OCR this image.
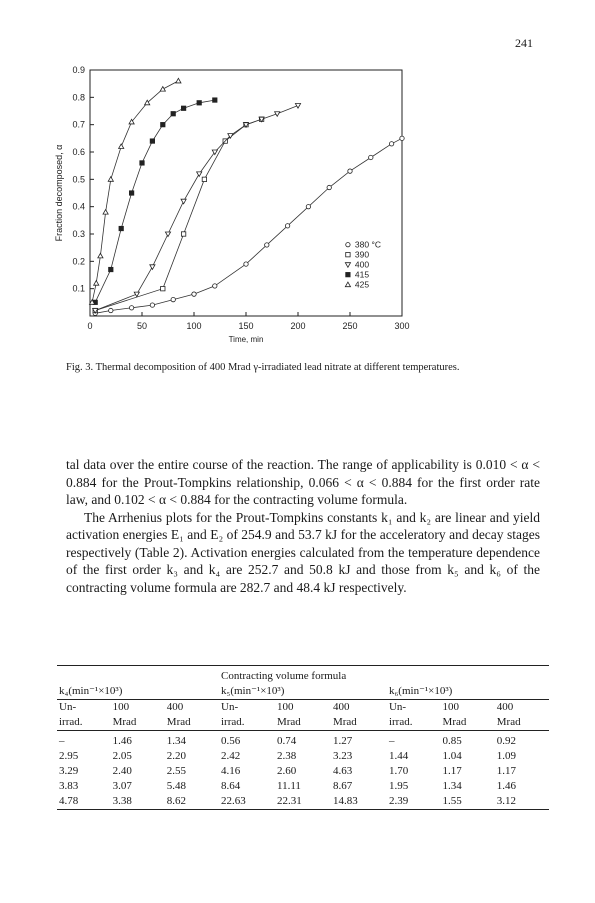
241
0	50	100	150	200	250	300
0.1
0.2
0.3
0.4
0.5
0.6
0.7
0.8
0.9
Time, min
Fraction decomposed, α
380 °C
390
400
415
425
Fig. 3. Thermal decomposition of 400 Mrad γ-irradiated lead nitrate at different temperatures.

tal data over the entire course of the reaction. The range of applicability is 0.010 < α < 0.884 for the Prout-Tompkins relationship, 0.066 < α < 0.884 for the first order rate law, and 0.102 < α < 0.884 for the contracting volume formula.

The Arrhenius plots for the Prout-Tompkins constants k₁ and k₂ are linear and yield activation energies E₁ and E₂ of 254.9 and 53.7 kJ for the acceleratory and decay stages respectively (Table 2). Activation energies calculated from the temperature dependence of the first order k₃ and k₄ are 252.7 and 50.8 kJ and those from k₅ and k₆ of the contracting volume formula are 282.7 and 48.4 kJ respectively.

			Contracting volume formula					
k₄(min⁻¹×10³)			k₅(min⁻¹×10³)			k₆(min⁻¹×10³)		
Un-	100	400	Un-	100	400	Un-	100	400
irrad.	Mrad	Mrad	irrad.	Mrad	Mrad	irrad.	Mrad	Mrad
–	1.46	1.34	0.56	0.74	1.27	–	0.85	0.92
2.95	2.05	2.20	2.42	2.38	3.23	1.44	1.04	1.09
3.29	2.40	2.55	4.16	2.60	4.63	1.70	1.17	1.17
3.83	3.07	5.48	8.64	11.11	8.67	1.95	1.34	1.46
4.78	3.38	8.62	22.63	22.31	14.83	2.39	1.55	3.12
